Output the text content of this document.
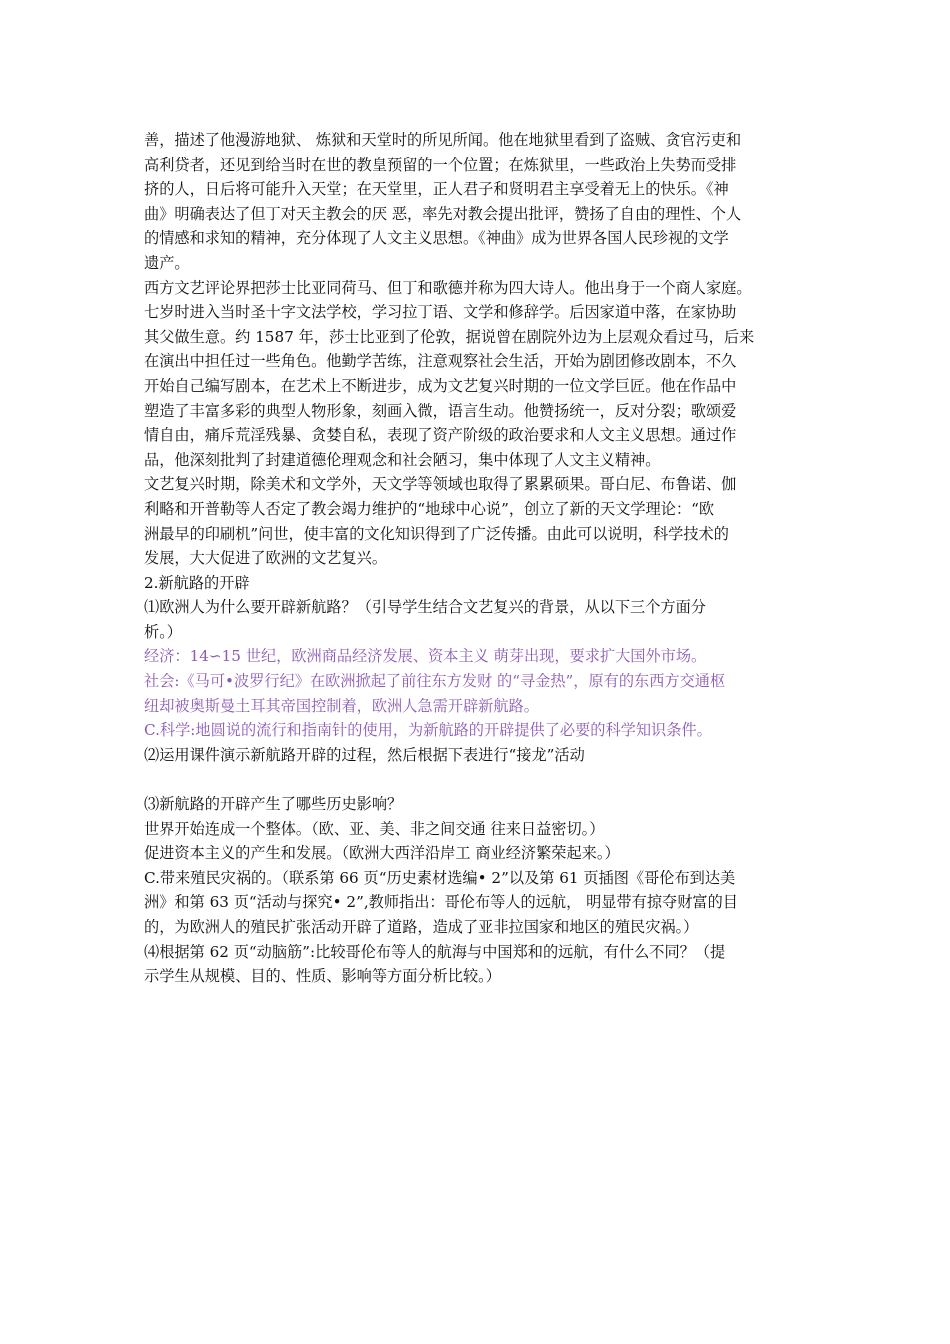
善，描述了他漫游地狱、 炼狱和天堂时的所见所闻。他在地狱里看到了盗贼、贪官污吏和
高利贷者，还见到给当时在世的教皇预留的一个位置；在炼狱里，一些政治上失势而受排
挤的人，日后将可能升入天堂；在天堂里，正人君子和贤明君主享受着无上的快乐。《神
曲》明确表达了但丁对天主教会的厌 恶，率先对教会提出批评，赞扬了自由的理性、个人
的情感和求知的精神，充分体现了人文主义思想。《神曲》成为世界各国人民珍视的文学
遗产。
西方文艺评论界把莎士比亚同荷马、但丁和歌德并称为四大诗人。他出身于一个商人家庭。
七岁时进入当时圣十字文法学校，学习拉丁语、文学和修辞学。后因家道中落，在家协助
其父做生意。约 1587 年，莎士比亚到了伦敦，据说曾在剧院外边为上层观众看过马，后来
在演出中担任过一些角色。他勤学苦练，注意观察社会生活，开始为剧团修改剧本，不久
开始自己编写剧本，在艺术上不断进步，成为文艺复兴时期的一位文学巨匠。他在作品中
塑造了丰富多彩的典型人物形象，刻画入微，语言生动。他赞扬统一，反对分裂；歌颂爱
情自由，痛斥荒淫残暴、贪婪自私，表现了资产阶级的政治要求和人文主义思想。通过作
品，他深刻批判了封建道德伦理观念和社会陋习，集中体现了人文主义精神。
文艺复兴时期，除美术和文学外，天文学等领域也取得了累累硕果。哥白尼、布鲁诺、伽
利略和开普勒等人否定了教会竭力维护的“地球中心说”，创立了新的天文学理论：“欧
洲最早的印刷机”问世，使丰富的文化知识得到了广泛传播。由此可以说明，科学技术的
发展，大大促进了欧洲的文艺复兴。
2.新航路的开辟
⑴欧洲人为什么要开辟新航路？（引导学生结合文艺复兴的背景，从以下三个方面分
析。）
经济：14∽15 世纪，欧洲商品经济发展、资本主义 萌芽出现，要求扩大国外市场。
社会:《马可•波罗行纪》在欧洲掀起了前往东方发财 的“寻金热”，原有的东西方交通枢
纽却被奥斯曼土耳其帝国控制着，欧洲人急需开辟新航路。
C.科学:地圆说的流行和指南针的使用，为新航路的开辟提供了必要的科学知识条件。
⑵运用课件演示新航路开辟的过程，然后根据下表进行“接龙”活动
⑶新航路的开辟产生了哪些历史影响？
世界开始连成一个整体。（欧、亚、美、非之间交通 往来日益密切。）
促进资本主义的产生和发展。（欧洲大西洋沿岸工 商业经济繁荣起来。）
C.带来殖民灾祸的。（联系第 66 页“历史素材选编• 2”以及第 61 页插图《哥伦布到达美
洲》和第 63 页“活动与探究• 2”,教师指出：哥伦布等人的远航， 明显带有掠夺财富的目
的，为欧洲人的殖民扩张活动开辟了道路，造成了亚非拉国家和地区的殖民灾祸。）
⑷根据第 62 页“动脑筋”:比较哥伦布等人的航海与中国郑和的远航，有什么不同？（提
示学生从规模、目的、性质、影响等方面分析比较。）
